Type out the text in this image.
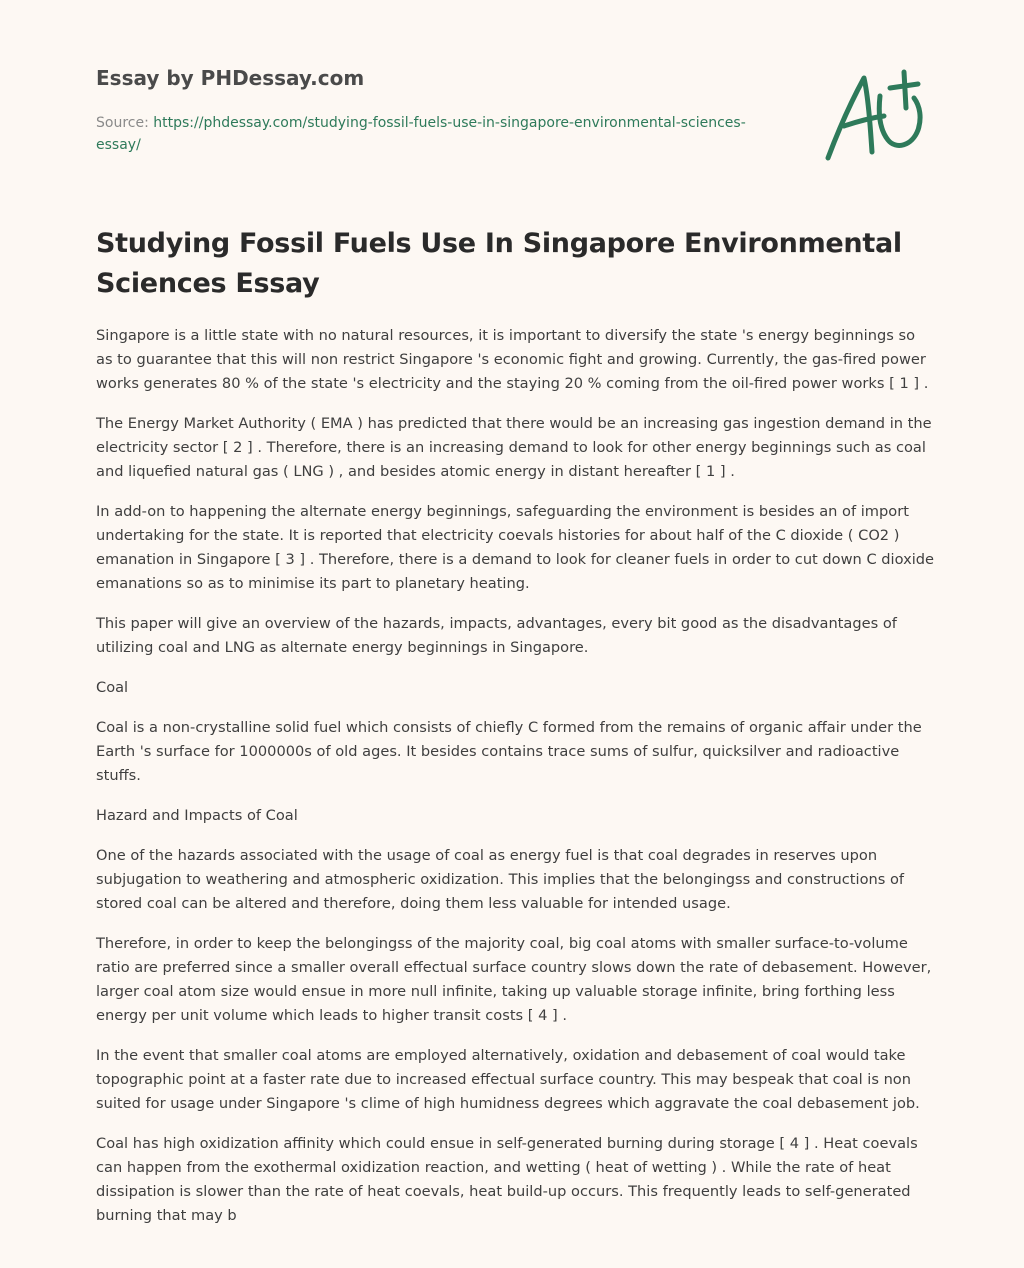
Essay by PHDessay.com
Source: https://phdessay.com/studying-fossil-fuels-use-in-singapore-environmental-sciences-essay/
Studying Fossil Fuels Use In Singapore Environmental Sciences Essay

Singapore is a little state with no natural resources, it is important to diversify the state 's energy beginnings so as to guarantee that this will non restrict Singapore 's economic fight and growing. Currently, the gas-fired power works generates 80 % of the state 's electricity and the staying 20 % coming from the oil-fired power works [ 1 ] .

The Energy Market Authority ( EMA ) has predicted that there would be an increasing gas ingestion demand in the electricity sector [ 2 ] . Therefore, there is an increasing demand to look for other energy beginnings such as coal and liquefied natural gas ( LNG ) , and besides atomic energy in distant hereafter [ 1 ] .

In add-on to happening the alternate energy beginnings, safeguarding the environment is besides an of import undertaking for the state. It is reported that electricity coevals histories for about half of the C dioxide ( CO2 ) emanation in Singapore [ 3 ] . Therefore, there is a demand to look for cleaner fuels in order to cut down C dioxide emanations so as to minimise its part to planetary heating.

This paper will give an overview of the hazards, impacts, advantages, every bit good as the disadvantages of utilizing coal and LNG as alternate energy beginnings in Singapore.

Coal

Coal is a non-crystalline solid fuel which consists of chiefly C formed from the remains of organic affair under the Earth 's surface for 1000000s of old ages. It besides contains trace sums of sulfur, quicksilver and radioactive stuffs.

Hazard and Impacts of Coal

One of the hazards associated with the usage of coal as energy fuel is that coal degrades in reserves upon subjugation to weathering and atmospheric oxidization. This implies that the belongingss and constructions of stored coal can be altered and therefore, doing them less valuable for intended usage.

Therefore, in order to keep the belongingss of the majority coal, big coal atoms with smaller surface-to-volume ratio are preferred since a smaller overall effectual surface country slows down the rate of debasement. However, larger coal atom size would ensue in more null infinite, taking up valuable storage infinite, bring forthing less energy per unit volume which leads to higher transit costs [ 4 ] .

In the event that smaller coal atoms are employed alternatively, oxidation and debasement of coal would take topographic point at a faster rate due to increased effectual surface country. This may bespeak that coal is non suited for usage under Singapore 's clime of high humidness degrees which aggravate the coal debasement job.

Coal has high oxidization affinity which could ensue in self-generated burning during storage [ 4 ] . Heat coevals can happen from the exothermal oxidization reaction, and wetting ( heat of wetting ) . While the rate of heat dissipation is slower than the rate of heat coevals, heat build-up occurs. This frequently leads to self-generated burning that may b
